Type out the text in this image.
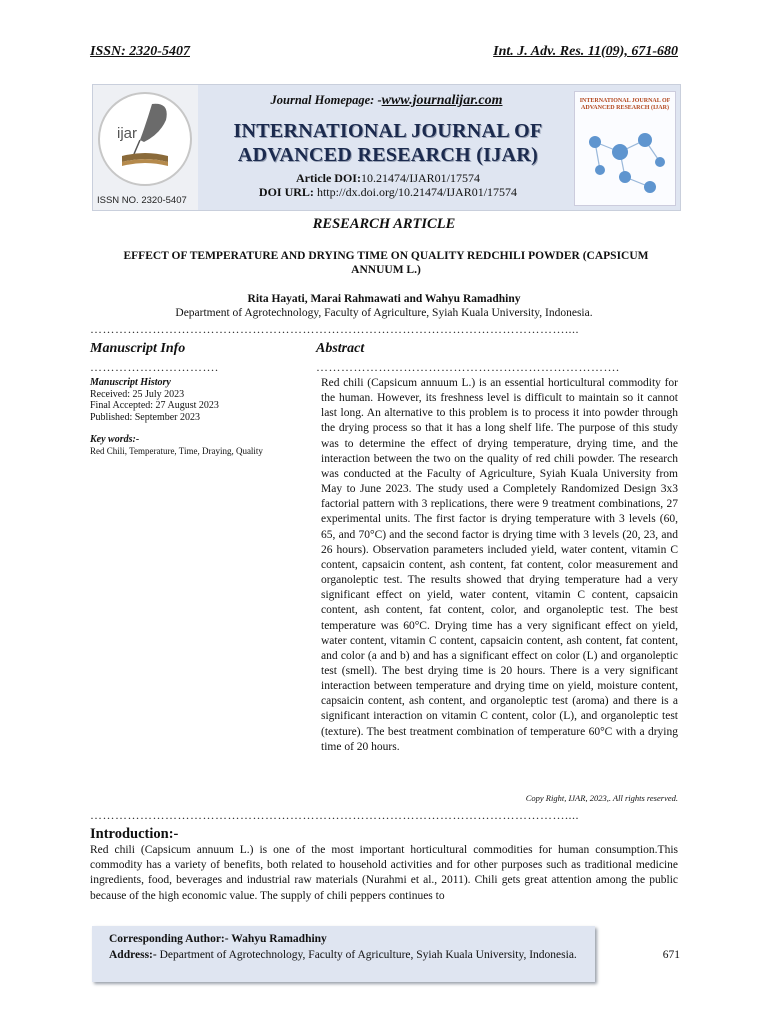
ISSN: 2320-5407	Int. J. Adv. Res. 11(09), 671-680
ijar
ISSN NO. 2320-5407
Journal Homepage: -www.journalijar.com
INTERNATIONAL JOURNAL OF
ADVANCED RESEARCH (IJAR)
Article DOI:10.21474/IJAR01/17574
DOI URL: http://dx.doi.org/10.21474/IJAR01/17574
INTERNATIONAL JOURNAL OF ADVANCED RESEARCH (IJAR)
RESEARCH ARTICLE
EFFECT OF TEMPERATURE AND DRYING TIME ON QUALITY REDCHILI POWDER (CAPSICUM
ANNUUM L.)
Rita Hayati, Marai Rahmawati and Wahyu Ramadhiny
Department of Agrotechnology, Faculty of Agriculture, Syiah Kuala University, Indonesia.
……………………………………………………………………………………………………....
Manuscript Info	Abstract
………………………….	……………………………………………………………….
Manuscript History
Received: 25 July 2023
Final Accepted: 27 August 2023
Published: September 2023
Key words:-
Red Chili, Temperature, Time, Draying, Quality
Red chili (Capsicum annuum L.) is an essential horticultural commodity for the human. However, its freshness level is difficult to maintain so it cannot last long. An alternative to this problem is to process it into powder through the drying process so that it has a long shelf life. The purpose of this study was to determine the effect of drying temperature, drying time, and the interaction between the two on the quality of red chili powder. The research was conducted at the Faculty of Agriculture, Syiah Kuala University from May to June 2023. The study used a Completely Randomized Design 3x3 factorial pattern with 3 replications, there were 9 treatment combinations, 27 experimental units. The first factor is drying temperature with 3 levels (60, 65, and 70°C) and the second factor is drying time with 3 levels (20, 23, and 26 hours). Observation parameters included yield, water content, vitamin C content, capsaicin content, ash content, fat content, color measurement and organoleptic test. The results showed that drying temperature had a very significant effect on yield, water content, vitamin C content, capsaicin content, ash content, fat content, color, and organoleptic test. The best temperature was 60°C. Drying time has a very significant effect on yield, water content, vitamin C content, capsaicin content, ash content, fat content, and color (a and b) and has a significant effect on color (L) and organoleptic test (smell). The best drying time is 20 hours. There is a very significant interaction between temperature and drying time on yield, moisture content, capsaicin content, ash content, and organoleptic test (aroma) and there is a significant interaction on vitamin C content, color (L), and organoleptic test (texture). The best treatment combination of temperature 60°C with a drying time of 20 hours.
Copy Right, IJAR, 2023,. All rights reserved.
……………………………………………………………………………………………………....
Introduction:-
Red chili (Capsicum annuum L.) is one of the most important horticultural commodities for human consumption.This commodity has a variety of benefits, both related to household activities and for other purposes such as traditional medicine ingredients, food, beverages and industrial raw materials (Nurahmi et al., 2011). Chili gets great attention among the public because of the high economic value. The supply of chili peppers continues to
Corresponding Author:- Wahyu Ramadhiny
Address:- Department of Agrotechnology, Faculty of Agriculture, Syiah Kuala University, Indonesia.	671
